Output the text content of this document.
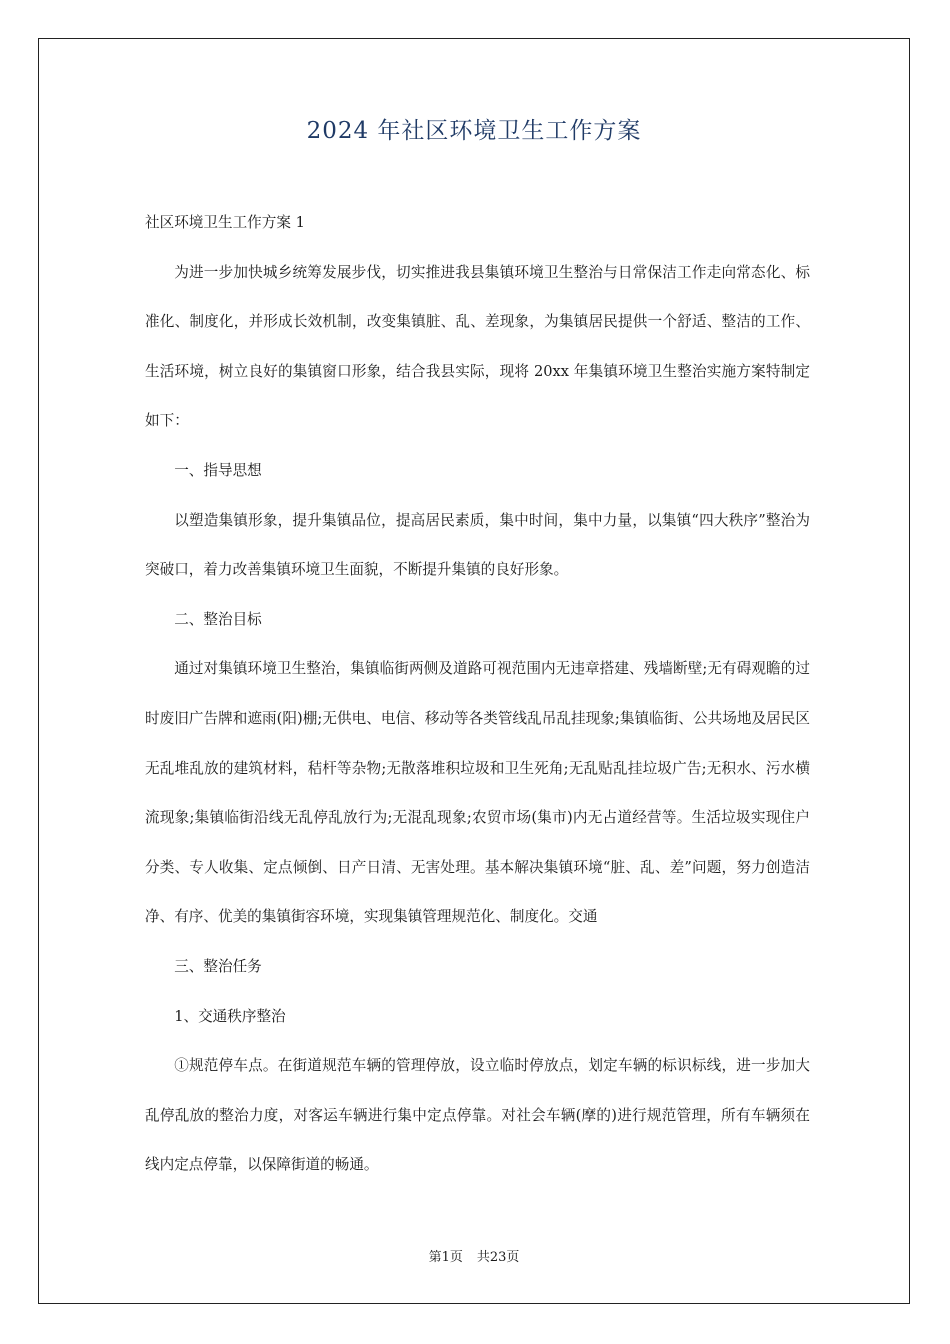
2024 年社区环境卫生工作方案

社区环境卫生工作方案 1

为进一步加快城乡统筹发展步伐，切实推进我县集镇环境卫生整治与日常保洁工作走向常态化、标准化、制度化，并形成长效机制，改变集镇脏、乱、差现象，为集镇居民提供一个舒适、整洁的工作、生活环境，树立良好的集镇窗口形象，结合我县实际，现将 20xx 年集镇环境卫生整治实施方案特制定如下：

一、指导思想

以塑造集镇形象，提升集镇品位，提高居民素质，集中时间，集中力量，以集镇“四大秩序”整治为突破口，着力改善集镇环境卫生面貌，不断提升集镇的良好形象。

二、整治目标

通过对集镇环境卫生整治，集镇临街两侧及道路可视范围内无违章搭建、残墙断壁;无有碍观瞻的过时废旧广告牌和遮雨(阳)棚;无供电、电信、移动等各类管线乱吊乱挂现象;集镇临街、公共场地及居民区无乱堆乱放的建筑材料，秸杆等杂物;无散落堆积垃圾和卫生死角;无乱贴乱挂垃圾广告;无积水、污水横流现象;集镇临街沿线无乱停乱放行为;无混乱现象;农贸市场(集市)内无占道经营等。生活垃圾实现住户分类、专人收集、定点倾倒、日产日清、无害处理。基本解决集镇环境“脏、乱、差”问题，努力创造洁净、有序、优美的集镇街容环境，实现集镇管理规范化、制度化。交通

三、整治任务

1、交通秩序整治

①规范停车点。在街道规范车辆的管理停放，设立临时停放点，划定车辆的标识标线，进一步加大乱停乱放的整治力度，对客运车辆进行集中定点停靠。对社会车辆(摩的)进行规范管理，所有车辆须在线内定点停靠，以保障街道的畅通。

第1页 共23页
